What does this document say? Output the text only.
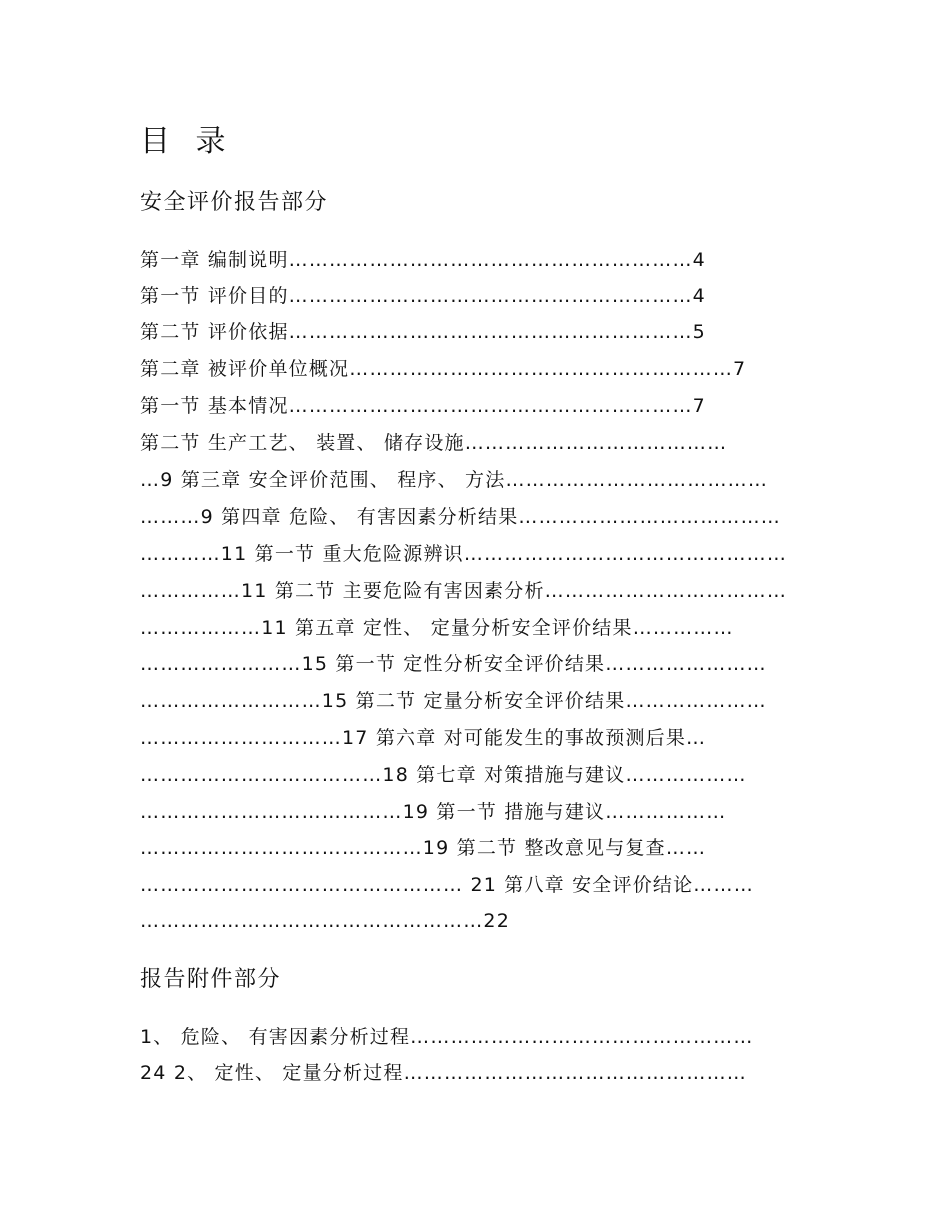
目 录
安全评价报告部分
第一章 编制说明……………………………………………………4
第一节 评价目的……………………………………………………4
第二节 评价依据……………………………………………………5
第二章 被评价单位概况…………………………………………………7
第一节 基本情况……………………………………………………7
第二节 生产工艺、 装置、 储存设施…………………………………
…9 第三章 安全评价范围、 程序、 方法…………………………………
………9 第四章 危险、 有害因素分析结果…………………………………
…………11 第一节 重大危险源辨识…………………………………………
……………11 第二节 主要危险有害因素分析………………………………
………………11 第五章 定性、 定量分析安全评价结果……………
……………………15 第一节 定性分析安全评价结果……………………
………………………15 第二节 定量分析安全评价结果…………………
…………………………17 第六章 对可能发生的事故预测后果…
………………………………18 第七章 对策措施与建议………………
…………………………………19 第一节 措施与建议………………
……………………………………19 第二节 整改意见与复查……
………………………………………… 21 第八章 安全评价结论………
……………………………………………22
报告附件部分
1、 危险、 有害因素分析过程……………………………………………
24 2、 定性、 定量分析过程……………………………………………
